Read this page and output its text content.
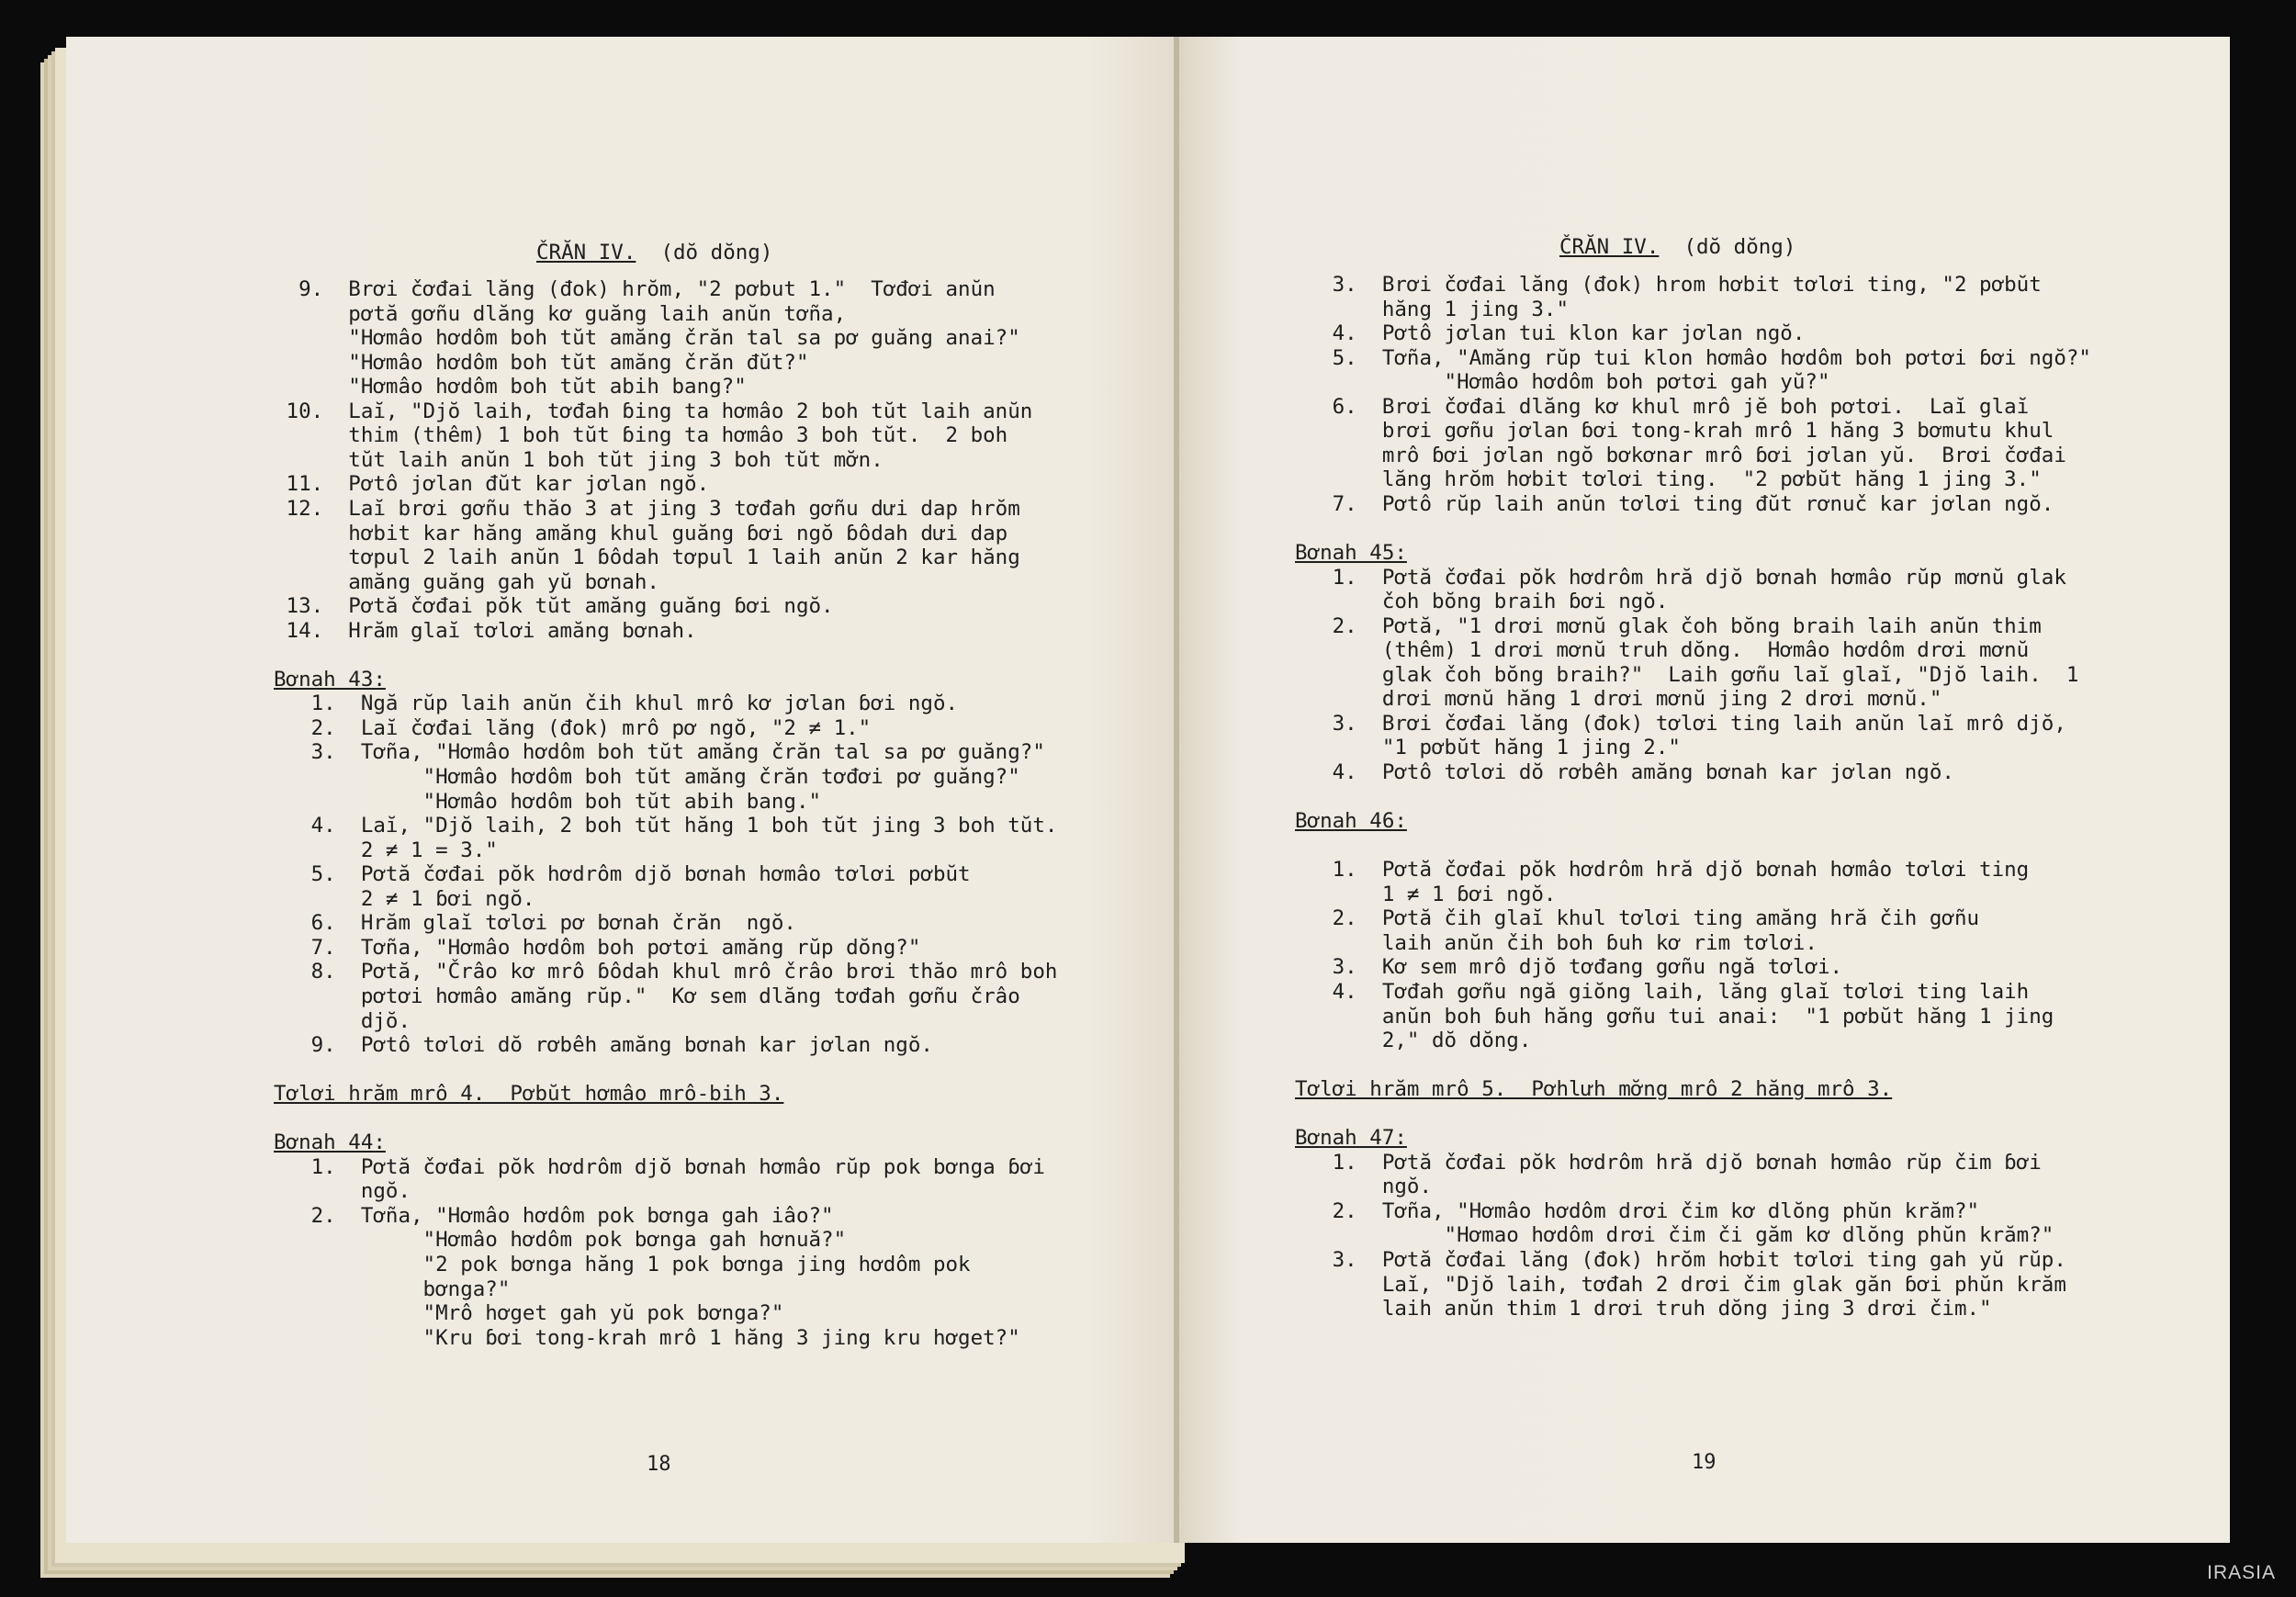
ČRĂN IV. (dŏ dŏng)
9.  Brơi čơđai lăng (đok) hrŏm, "2 pơbut 1."  Tơđơi anŭn
pơtă gơñu dlăng kơ guăng laih anŭn tơña,
"Hơmâo hơdôm boh tŭt amăng črăn tal sa pơ guăng anai?"
"Hơmâo hơdôm boh tŭt amăng črăn đŭt?"
"Hơmâo hơdôm boh tŭt abih bang?"
10.  Laĭ, "Djŏ laih, tơđah ɓing ta hơmâo 2 boh tŭt laih anŭn
thim (thêm) 1 boh tŭt ɓing ta hơmâo 3 boh tŭt.  2 boh
tŭt laih anŭn 1 boh tŭt jing 3 boh tŭt mơ̆n.
11.  Pơtô jơlan đŭt kar jơlan ngŏ.
12.  Laĭ brơi gơñu thăo 3 at jing 3 tơđah gơñu dưi dap hrŏm
hơbit kar hăng amăng khul guăng ɓơi ngŏ ɓôdah dưi dap
tơpul 2 laih anŭn 1 ɓôdah tơpul 1 laih anŭn 2 kar hăng
amăng guăng gah yŭ bơnah.
13.  Pơtă čơđai pŏk tŭt amăng guăng ɓơi ngŏ.
14.  Hrăm glaĭ tơlơi amăng bơnah.
Bơnah 43:
1.  Ngă rŭp laih anŭn čih khul mrô kơ jơlan ɓơi ngŏ.
2.  Laĭ čơđai lăng (đok) mrô pơ ngŏ, "2 ≠ 1."
3.  Tơña, "Hơmâo hơdôm boh tŭt amăng črăn tal sa pơ guăng?"
"Hơmâo hơdôm boh tŭt amăng črăn tơđơi pơ guăng?"
"Hơmâo hơdôm boh tŭt abih bang."
4.  Laĭ, "Djŏ laih, 2 boh tŭt hăng 1 boh tŭt jing 3 boh tŭt.
2 ≠ 1 = 3."
5.  Pơtă čơđai pŏk hơdrôm djŏ bơnah hơmâo tơlơi pơbŭt
2 ≠ 1 ɓơi ngŏ.
6.  Hrăm glaĭ tơlơi pơ bơnah črăn  ngŏ.
7.  Tơña, "Hơmâo hơdôm boh pơtơi amăng rŭp dŏng?"
8.  Pơtă, "Črâo kơ mrô ɓôdah khul mrô črâo brơi thăo mrô boh
pơtơi hơmâo amăng rŭp."  Kơ sem dlăng tơđah gơñu črâo
djŏ.
9.  Pơtô tơlơi dŏ rơbêh amăng bơnah kar jơlan ngŏ.
Tơlơi hrăm mrô 4.  Pơbŭt hơmâo mrô-bih 3.
Bơnah 44:
1.  Pơtă čơđai pŏk hơdrôm djŏ bơnah hơmâo rŭp pok bơnga ɓơi
ngŏ.
2.  Tơña, "Hơmâo hơdôm pok bơnga gah iâo?"
"Hơmâo hơdôm pok bơnga gah hơnuă?"
"2 pok bơnga hăng 1 pok bơnga jing hơdôm pok
bơnga?"
"Mrô hơget gah yŭ pok bơnga?"
"Kru ɓơi tong-krah mrô 1 hăng 3 jing kru hơget?"
18
ČRĂN IV. (dŏ dŏng)
3.  Brơi čơđai lăng (đok) hrom hơbit tơlơi ting, "2 pơbŭt
hăng 1 jing 3."
4.  Pơtô jơlan tui klon kar jơlan ngŏ.
5.  Tơña, "Amăng rŭp tui klon hơmâo hơdôm boh pơtơi ɓơi ngŏ?"
"Hơmâo hơdôm boh pơtơi gah yŭ?"
6.  Brơi čơđai dlăng kơ khul mrô jĕ boh pơtơi.  Laĭ glaĭ
brơi gơñu jơlan ɓơi tong-krah mrô 1 hăng 3 bơmutu khul
mrô ɓơi jơlan ngŏ bơkơnar mrô ɓơi jơlan yŭ.  Brơi čơđai
lăng hrŏm hơbit tơlơi ting.  "2 pơbŭt hăng 1 jing 3."
7.  Pơtô rŭp laih anŭn tơlơi ting đŭt rơnuč kar jơlan ngŏ.
Bơnah 45:
1.  Pơtă čơđai pŏk hơdrôm hră djŏ bơnah hơmâo rŭp mơnŭ glak
čoh bŏng braih ɓơi ngŏ.
2.  Pơtă, "1 drơi mơnŭ glak čoh bŏng braih laih anŭn thim
(thêm) 1 drơi mơnŭ truh dŏng.  Hơmâo hơdôm drơi mơnŭ
glak čoh bŏng braih?"  Laih gơñu laĭ glaĭ, "Djŏ laih.  1
drơi mơnŭ hăng 1 drơi mơnŭ jing 2 drơi mơnŭ."
3.  Brơi čơđai lăng (đok) tơlơi ting laih anŭn laĭ mrô djŏ,
"1 pơbŭt hăng 1 jing 2."
4.  Pơtô tơlơi dŏ rơbêh amăng bơnah kar jơlan ngŏ.
Bơnah 46:
1.  Pơtă čơđai pŏk hơdrôm hră djŏ bơnah hơmâo tơlơi ting
1 ≠ 1 ɓơi ngŏ.
2.  Pơtă čih glaĭ khul tơlơi ting amăng hră čih gơñu
laih anŭn čih boh ɓuh kơ rim tơlơi.
3.  Kơ sem mrô djŏ tơđang gơñu ngă tơlơi.
4.  Tơđah gơñu ngă giŏng laih, lăng glaĭ tơlơi ting laih
anŭn boh ɓuh hăng gơñu tui anai:  "1 pơbŭt hăng 1 jing
2," dŏ dŏng.
Tơlơi hrăm mrô 5.  Pơhlưh mơ̆ng mrô 2 hăng mrô 3.
Bơnah 47:
1.  Pơtă čơđai pŏk hơdrôm hră djŏ bơnah hơmâo rŭp čim ɓơi
ngŏ.
2.  Tơña, "Hơmâo hơdôm drơi čim kơ dlŏng phŭn krăm?"
"Hơmao hơdôm drơi čim či găm kơ dlŏng phŭn krăm?"
3.  Pơtă čơđai lăng (đok) hrŏm hơbit tơlơi ting gah yŭ rŭp.
Laĭ, "Djŏ laih, tơđah 2 drơi čim glak găn ɓơi phŭn krăm
laih anŭn thim 1 drơi truh dŏng jing 3 drơi čim."
19
IRASIA
